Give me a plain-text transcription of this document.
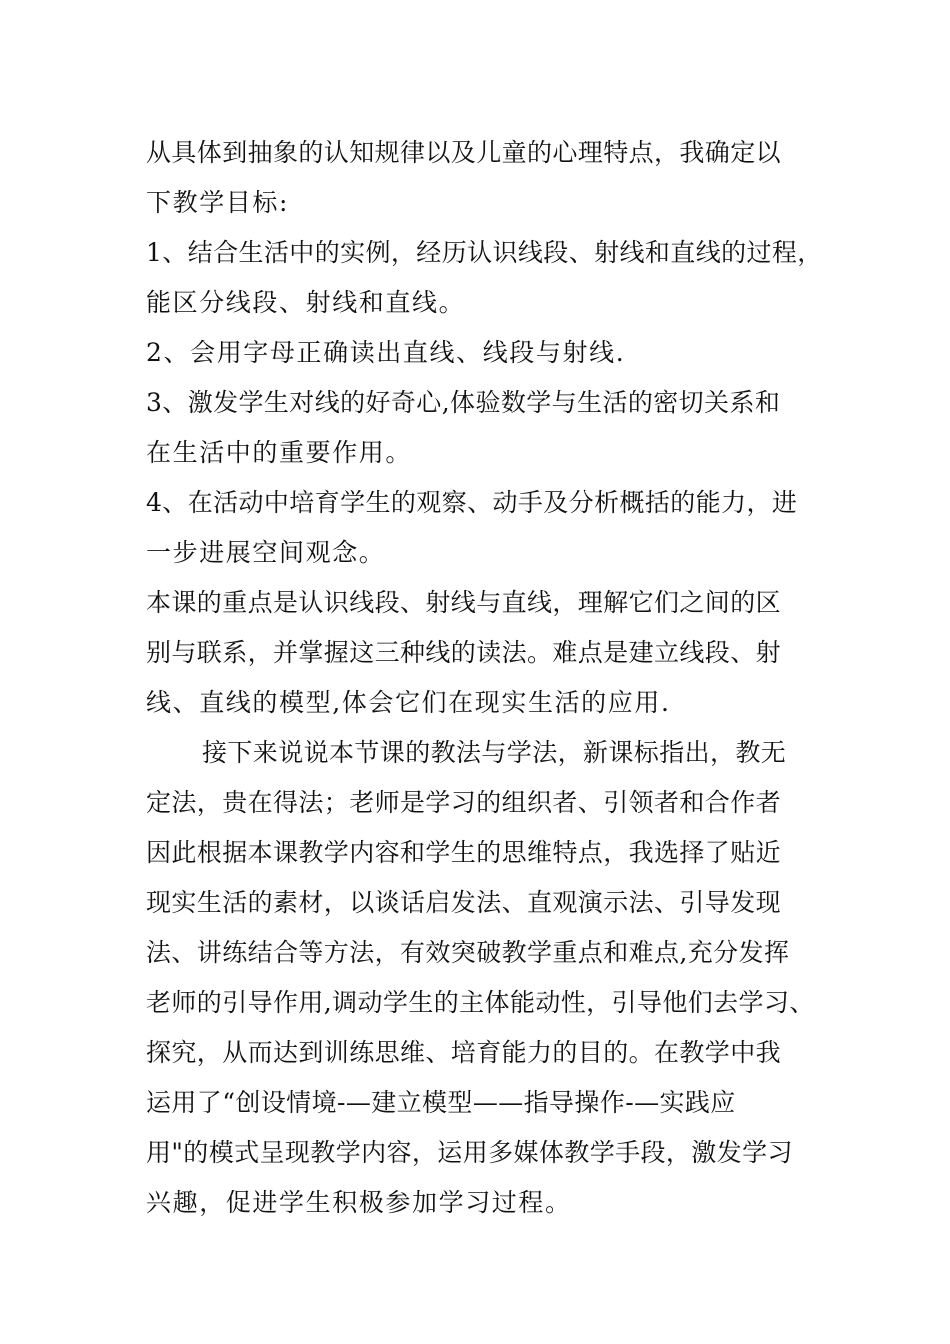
从具体到抽象的认知规律以及儿童的心理特点，我确定以
下教学目标:
1、结合生活中的实例，经历认识线段、射线和直线的过程，
能区分线段、射线和直线。
2、会用字母正确读出直线、线段与射线.
3、激发学生对线的好奇心,体验数学与生活的密切关系和
在生活中的重要作用。
4、在活动中培育学生的观察、动手及分析概括的能力，进
一步进展空间观念。
本课的重点是认识线段、射线与直线，理解它们之间的区
别与联系，并掌握这三种线的读法。难点是建立线段、射
线、直线的模型,体会它们在现实生活的应用.
接下来说说本节课的教法与学法，新课标指出，教无
定法，贵在得法；老师是学习的组织者、引领者和合作者
因此根据本课教学内容和学生的思维特点，我选择了贴近
现实生活的素材，以谈话启发法、直观演示法、引导发现
法、讲练结合等方法，有效突破教学重点和难点,充分发挥
老师的引导作用,调动学生的主体能动性，引导他们去学习、
探究，从而达到训练思维、培育能力的目的。在教学中我
运用了“创设情境-—建立模型——指导操作-—实践应
用"的模式呈现教学内容，运用多媒体教学手段，激发学习
兴趣，促进学生积极参加学习过程。
